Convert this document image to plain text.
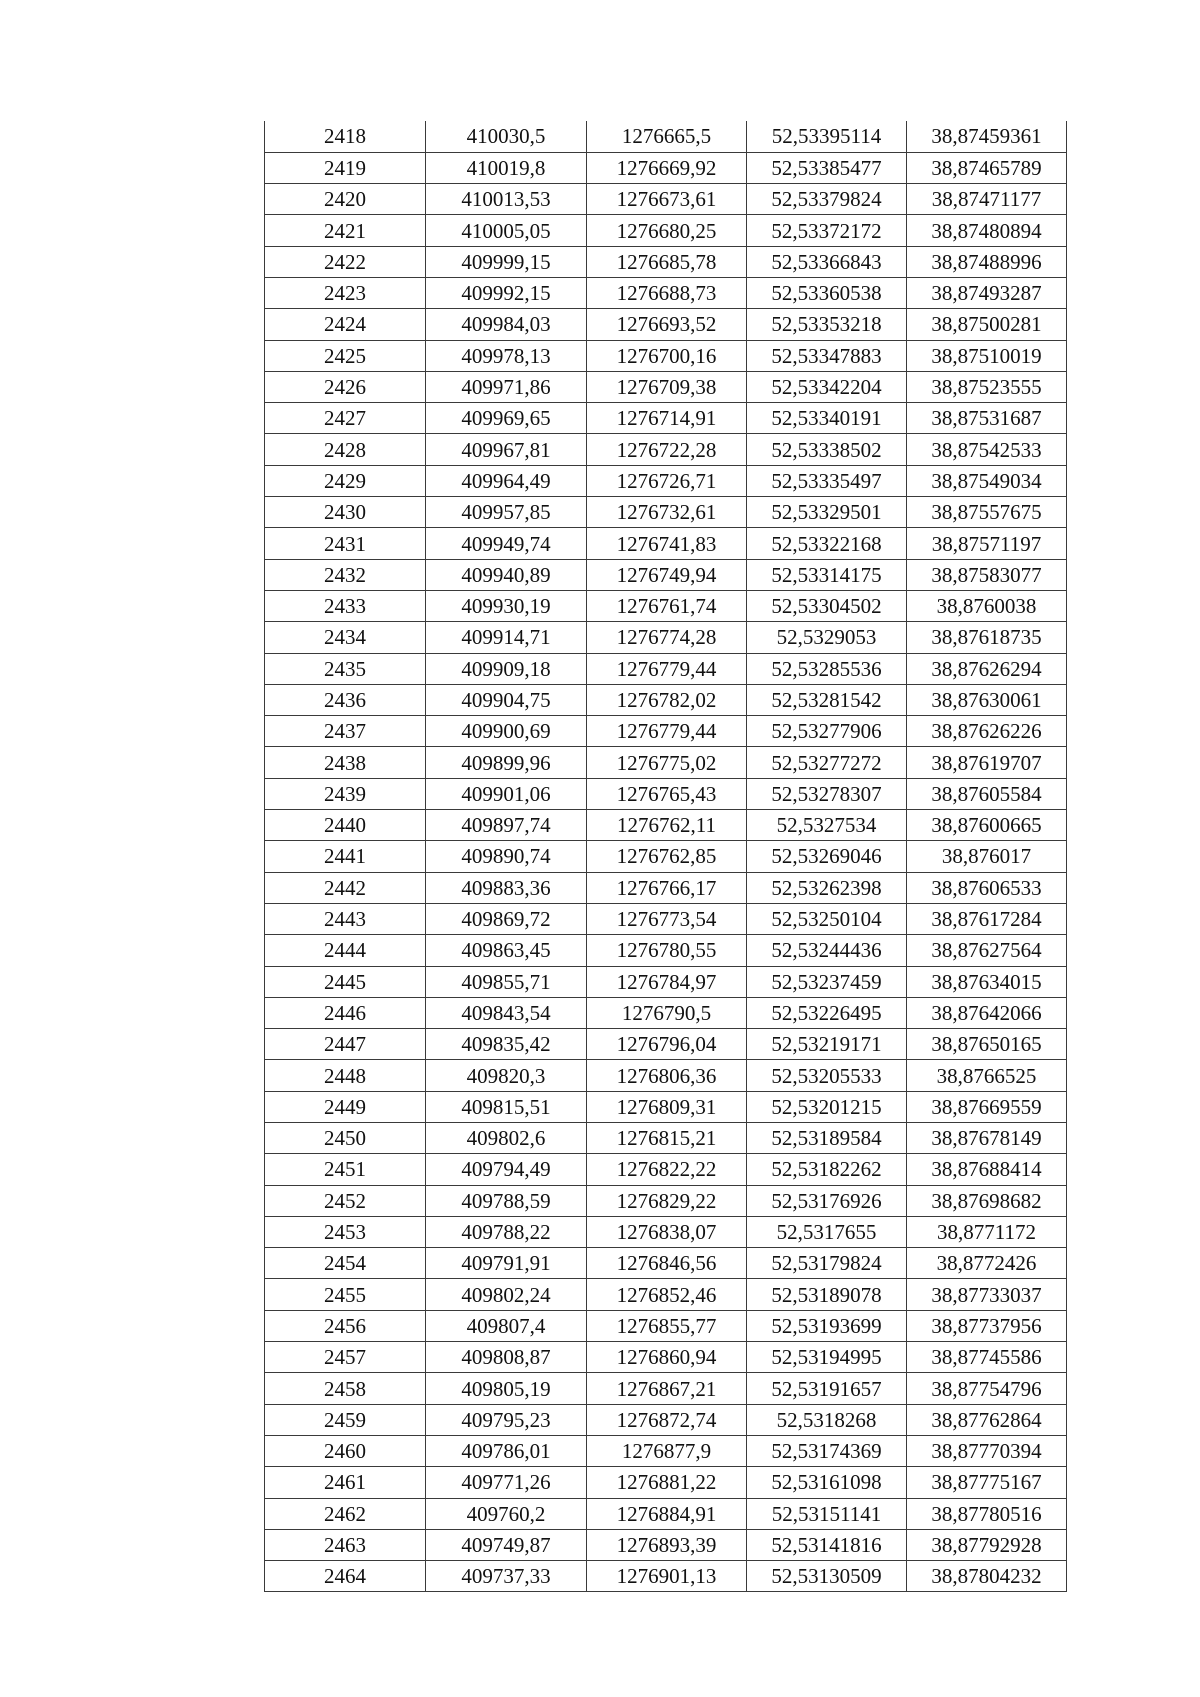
2418	410030,5	1276665,5	52,53395114	38,87459361
2419	410019,8	1276669,92	52,53385477	38,87465789
2420	410013,53	1276673,61	52,53379824	38,87471177
2421	410005,05	1276680,25	52,53372172	38,87480894
2422	409999,15	1276685,78	52,53366843	38,87488996
2423	409992,15	1276688,73	52,53360538	38,87493287
2424	409984,03	1276693,52	52,53353218	38,87500281
2425	409978,13	1276700,16	52,53347883	38,87510019
2426	409971,86	1276709,38	52,53342204	38,87523555
2427	409969,65	1276714,91	52,53340191	38,87531687
2428	409967,81	1276722,28	52,53338502	38,87542533
2429	409964,49	1276726,71	52,53335497	38,87549034
2430	409957,85	1276732,61	52,53329501	38,87557675
2431	409949,74	1276741,83	52,53322168	38,87571197
2432	409940,89	1276749,94	52,53314175	38,87583077
2433	409930,19	1276761,74	52,53304502	38,8760038
2434	409914,71	1276774,28	52,5329053	38,87618735
2435	409909,18	1276779,44	52,53285536	38,87626294
2436	409904,75	1276782,02	52,53281542	38,87630061
2437	409900,69	1276779,44	52,53277906	38,87626226
2438	409899,96	1276775,02	52,53277272	38,87619707
2439	409901,06	1276765,43	52,53278307	38,87605584
2440	409897,74	1276762,11	52,5327534	38,87600665
2441	409890,74	1276762,85	52,53269046	38,876017
2442	409883,36	1276766,17	52,53262398	38,87606533
2443	409869,72	1276773,54	52,53250104	38,87617284
2444	409863,45	1276780,55	52,53244436	38,87627564
2445	409855,71	1276784,97	52,53237459	38,87634015
2446	409843,54	1276790,5	52,53226495	38,87642066
2447	409835,42	1276796,04	52,53219171	38,87650165
2448	409820,3	1276806,36	52,53205533	38,8766525
2449	409815,51	1276809,31	52,53201215	38,87669559
2450	409802,6	1276815,21	52,53189584	38,87678149
2451	409794,49	1276822,22	52,53182262	38,87688414
2452	409788,59	1276829,22	52,53176926	38,87698682
2453	409788,22	1276838,07	52,5317655	38,8771172
2454	409791,91	1276846,56	52,53179824	38,8772426
2455	409802,24	1276852,46	52,53189078	38,87733037
2456	409807,4	1276855,77	52,53193699	38,87737956
2457	409808,87	1276860,94	52,53194995	38,87745586
2458	409805,19	1276867,21	52,53191657	38,87754796
2459	409795,23	1276872,74	52,5318268	38,87762864
2460	409786,01	1276877,9	52,53174369	38,87770394
2461	409771,26	1276881,22	52,53161098	38,87775167
2462	409760,2	1276884,91	52,53151141	38,87780516
2463	409749,87	1276893,39	52,53141816	38,87792928
2464	409737,33	1276901,13	52,53130509	38,87804232
